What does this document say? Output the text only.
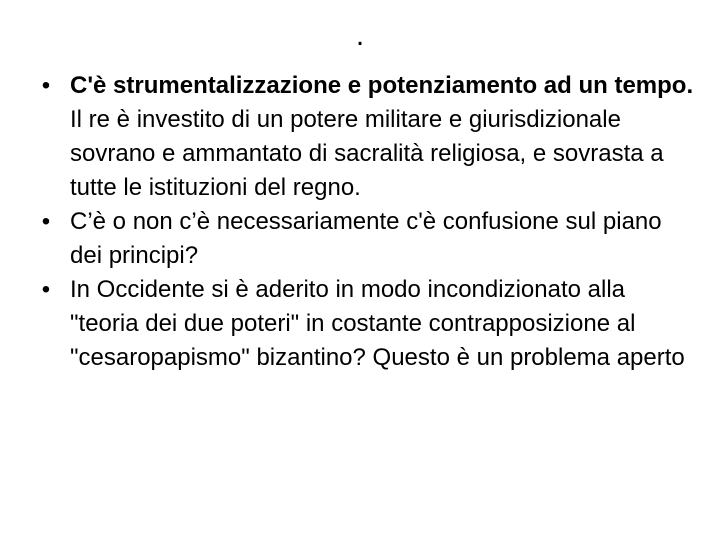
.
• C'è strumentalizzazione e potenziamento ad un tempo. Il re è investito di un potere militare e giurisdizionale sovrano e ammantato di sacralità religiosa, e sovrasta a tutte le istituzioni del regno.
• C’è o non c’è necessariamente c'è confusione sul piano dei principi?
• In Occidente si è aderito in modo incondizionato alla "teoria dei due poteri" in costante contrapposizione al "cesaropapismo" bizantino? Questo è un problema aperto
